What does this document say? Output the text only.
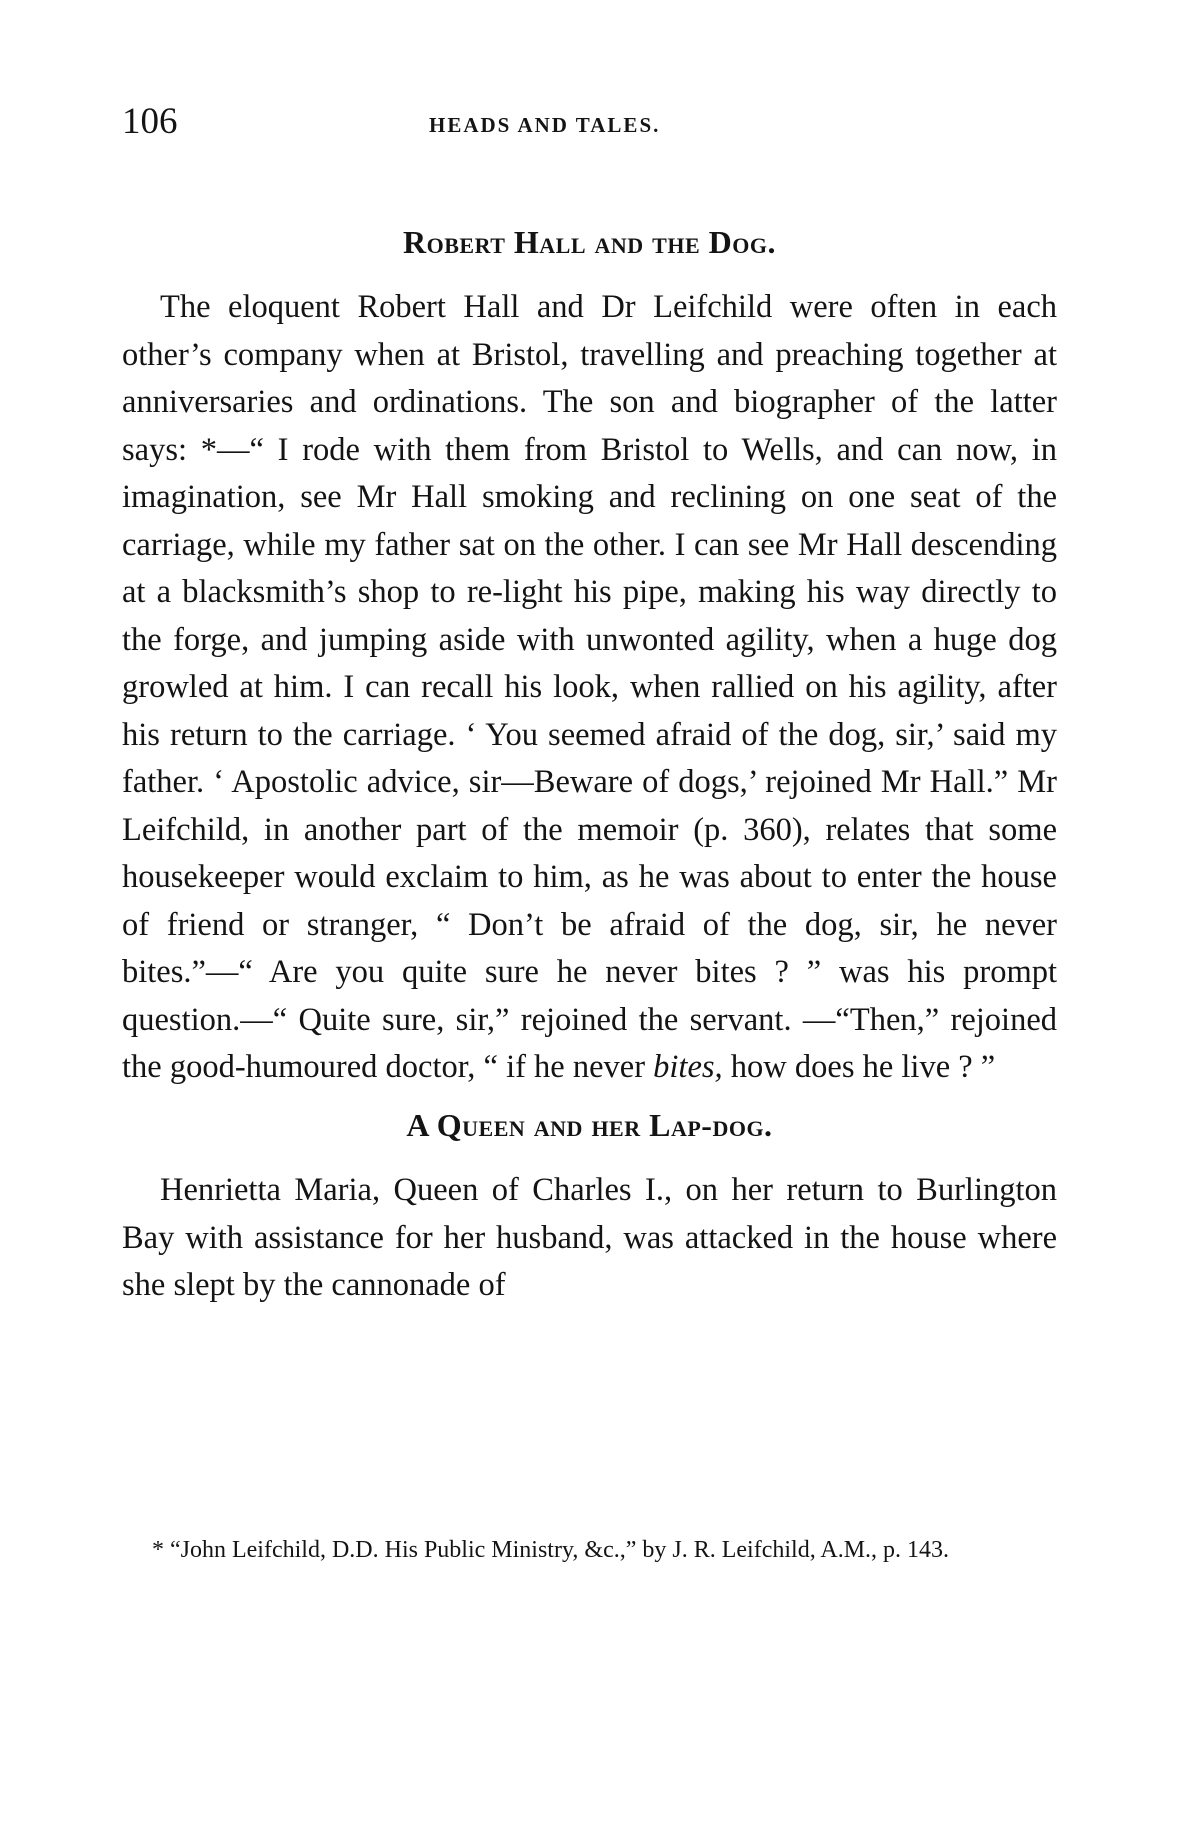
106	HEADS AND TALES.
Robert Hall and the Dog.

The eloquent Robert Hall and Dr Leifchild were often in each other’s company when at Bristol, travelling and preaching together at anniversaries and ordinations. The son and biographer of the latter says: *—“ I rode with them from Bristol to Wells, and can now, in imagination, see Mr Hall smoking and reclining on one seat of the carriage, while my father sat on the other. I can see Mr Hall descending at a blacksmith’s shop to re-light his pipe, making his way directly to the forge, and jumping aside with unwonted agility, when a huge dog growled at him. I can recall his look, when rallied on his agility, after his return to the carriage. ‘ You seemed afraid of the dog, sir,’ said my father. ‘ Apostolic advice, sir—Beware of dogs,’ rejoined Mr Hall.” Mr Leifchild, in another part of the memoir (p. 360), relates that some housekeeper would exclaim to him, as he was about to enter the house of friend or stranger, “ Don’t be afraid of the dog, sir, he never bites.”—“ Are you quite sure he never bites ? ” was his prompt question.—“ Quite sure, sir,” rejoined the servant. —“Then,” rejoined the good-humoured doctor, “ if he never bites, how does he live ? ”

A Queen and her Lap-dog.

Henrietta Maria, Queen of Charles I., on her return to Burlington Bay with assistance for her husband, was attacked in the house where she slept by the cannonade of

* “John Leifchild, D.D. His Public Ministry, &c.,” by J. R. Leifchild, A.M., p. 143.
